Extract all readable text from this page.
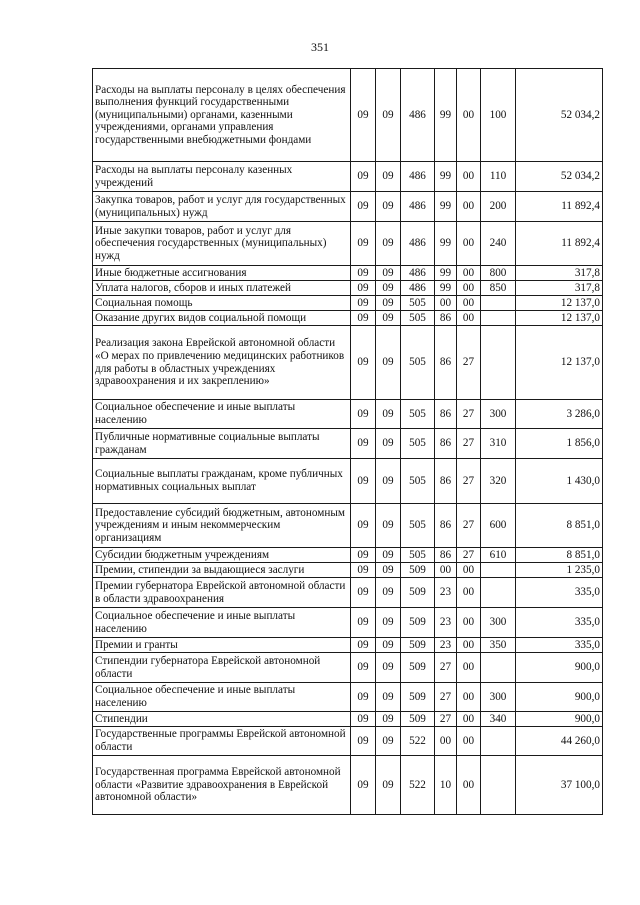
351
Расходы на выплаты персоналу в целях обеспечения выполнения функций государственными (муниципальными) органами, казенными учреждениями, органами управления государственными внебюджетными фондами	09	09	486	99	00	100	52 034,2
Расходы на выплаты персоналу казенных учреждений	09	09	486	99	00	110	52 034,2
Закупка товаров, работ и услуг для государственных (муниципальных) нужд	09	09	486	99	00	200	11 892,4
Иные закупки товаров, работ и услуг для обеспечения государственных (муниципальных) нужд	09	09	486	99	00	240	11 892,4
Иные бюджетные ассигнования	09	09	486	99	00	800	317,8
Уплата налогов, сборов и иных платежей	09	09	486	99	00	850	317,8
Социальная помощь	09	09	505	00	00		12 137,0
Оказание других видов социальной помощи	09	09	505	86	00		12 137,0
Реализация закона Еврейской автономной области «О мерах по привлечению медицинских работников для работы в областных учреждениях здравоохранения и их закреплению»	09	09	505	86	27		12 137,0
Социальное обеспечение и иные выплаты населению	09	09	505	86	27	300	3 286,0
Публичные нормативные социальные выплаты гражданам	09	09	505	86	27	310	1 856,0
Социальные выплаты гражданам, кроме публичных нормативных социальных выплат	09	09	505	86	27	320	1 430,0
Предоставление субсидий бюджетным, автономным учреждениям и иным некоммерческим организациям	09	09	505	86	27	600	8 851,0
Субсидии бюджетным учреждениям	09	09	505	86	27	610	8 851,0
Премии, стипендии за выдающиеся заслуги	09	09	509	00	00		1 235,0
Премии губернатора Еврейской автономной области в области здравоохранения	09	09	509	23	00		335,0
Социальное обеспечение и иные выплаты населению	09	09	509	23	00	300	335,0
Премии и гранты	09	09	509	23	00	350	335,0
Стипендии губернатора Еврейской автономной области	09	09	509	27	00		900,0
Социальное обеспечение и иные выплаты населению	09	09	509	27	00	300	900,0
Стипендии	09	09	509	27	00	340	900,0
Государственные программы Еврейской автономной области	09	09	522	00	00		44 260,0
Государственная программа Еврейской автономной области «Развитие здравоохранения в Еврейской автономной области»	09	09	522	10	00		37 100,0
